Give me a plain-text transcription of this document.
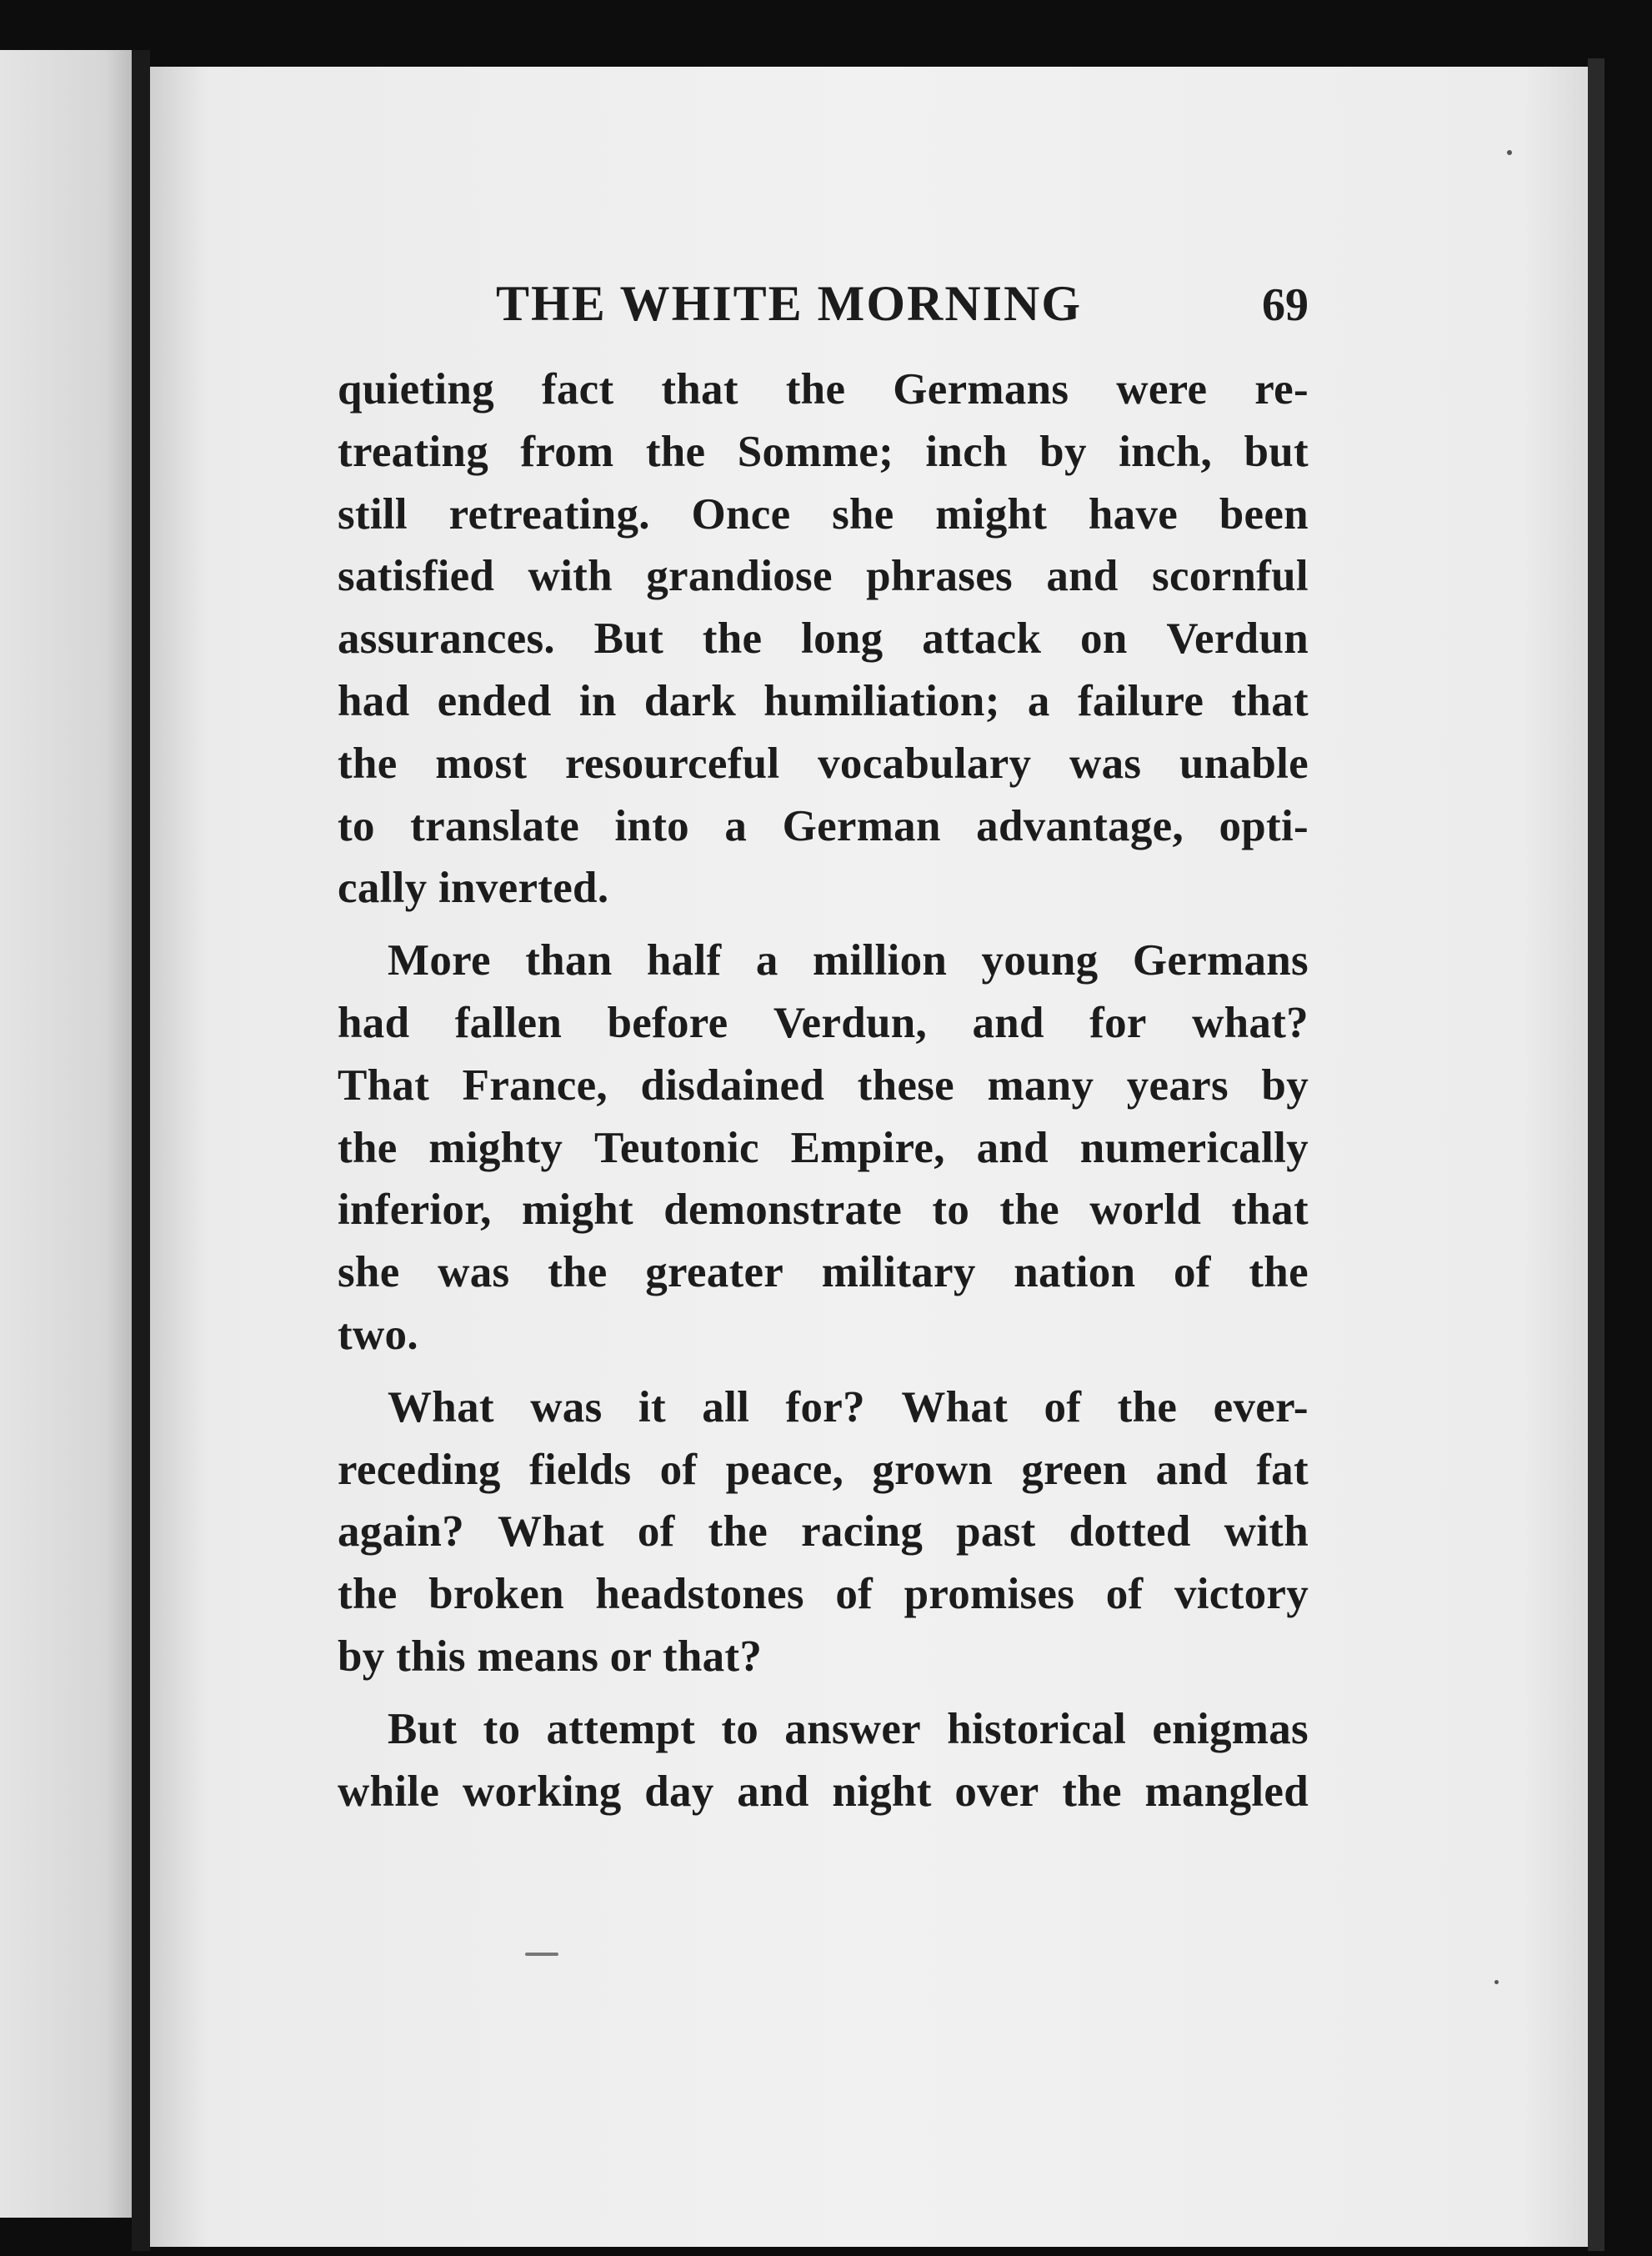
THE WHITE MORNING	69
quieting fact that the Germans were re-
treating from the Somme; inch by inch, but
still retreating. Once she might have been
satisfied with grandiose phrases and scornful
assurances. But the long attack on Verdun
had ended in dark humiliation; a failure that
the most resourceful vocabulary was unable
to translate into a German advantage, opti-
cally inverted.
More than half a million young Germans
had fallen before Verdun, and for what?
That France, disdained these many years by
the mighty Teutonic Empire, and numerically
inferior, might demonstrate to the world that
she was the greater military nation of the
two.
What was it all for? What of the ever-
receding fields of peace, grown green and fat
again? What of the racing past dotted with
the broken headstones of promises of victory
by this means or that?
But to attempt to answer historical enigmas
while working day and night over the mangled
